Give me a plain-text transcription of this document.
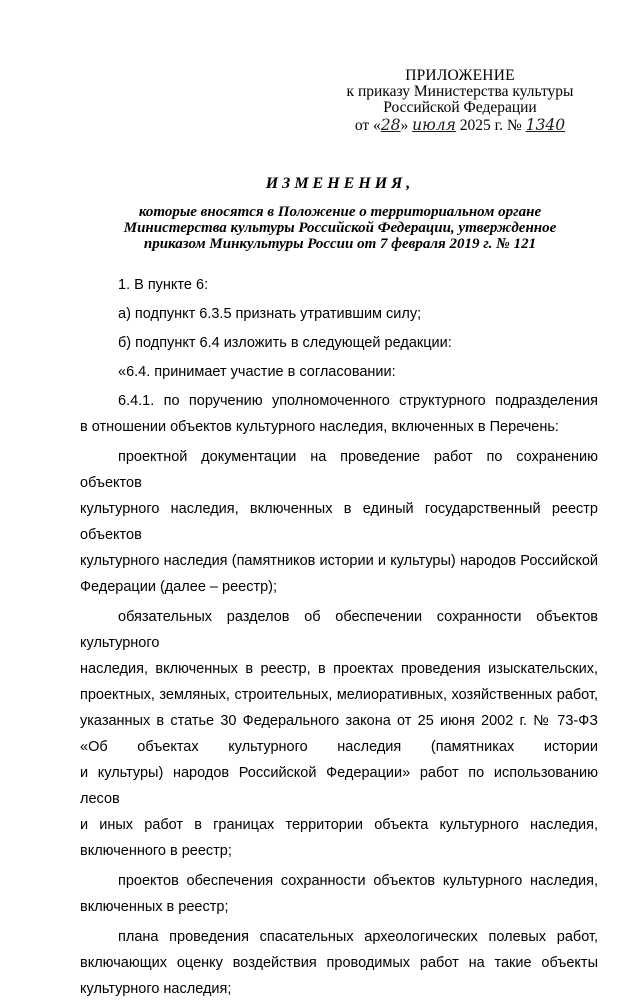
ПРИЛОЖЕНИЕ
к приказу Министерства культуры
Российской Федерации
от «28» июля 2025 г. № 1340
ИЗМЕНЕНИЯ,
которые вносятся в Положение о территориальном органе
Министерства культуры Российской Федерации, утвержденное
приказом Минкультуры России от 7 февраля 2019 г. № 121

1. В пункте 6:

а) подпункт 6.3.5 признать утратившим силу;

б) подпункт 6.4 изложить в следующей редакции:

«6.4. принимает участие в согласовании:

6.4.1. по поручению уполномоченного структурного подразделения
в отношении объектов культурного наследия, включенных в Перечень:
проектной документации на проведение работ по сохранению объектов
культурного наследия, включенных в единый государственный реестр объектов
культурного наследия (памятников истории и культуры) народов Российской
Федерации (далее – реестр);
обязательных разделов об обеспечении сохранности объектов культурного
наследия, включенных в реестр, в проектах проведения изыскательских,
проектных, земляных, строительных, мелиоративных, хозяйственных работ,
указанных в статье 30 Федерального закона от 25 июня 2002 г. № 73-ФЗ
«Об объектах культурного наследия (памятниках истории
и культуры) народов Российской Федерации» работ по использованию лесов
и иных работ в границах территории объекта культурного наследия,
включенного в реестр;
проектов обеспечения сохранности объектов культурного наследия,
включенных в реестр;
плана проведения спасательных археологических полевых работ,
включающих оценку воздействия проводимых работ на такие объекты
культурного наследия;
